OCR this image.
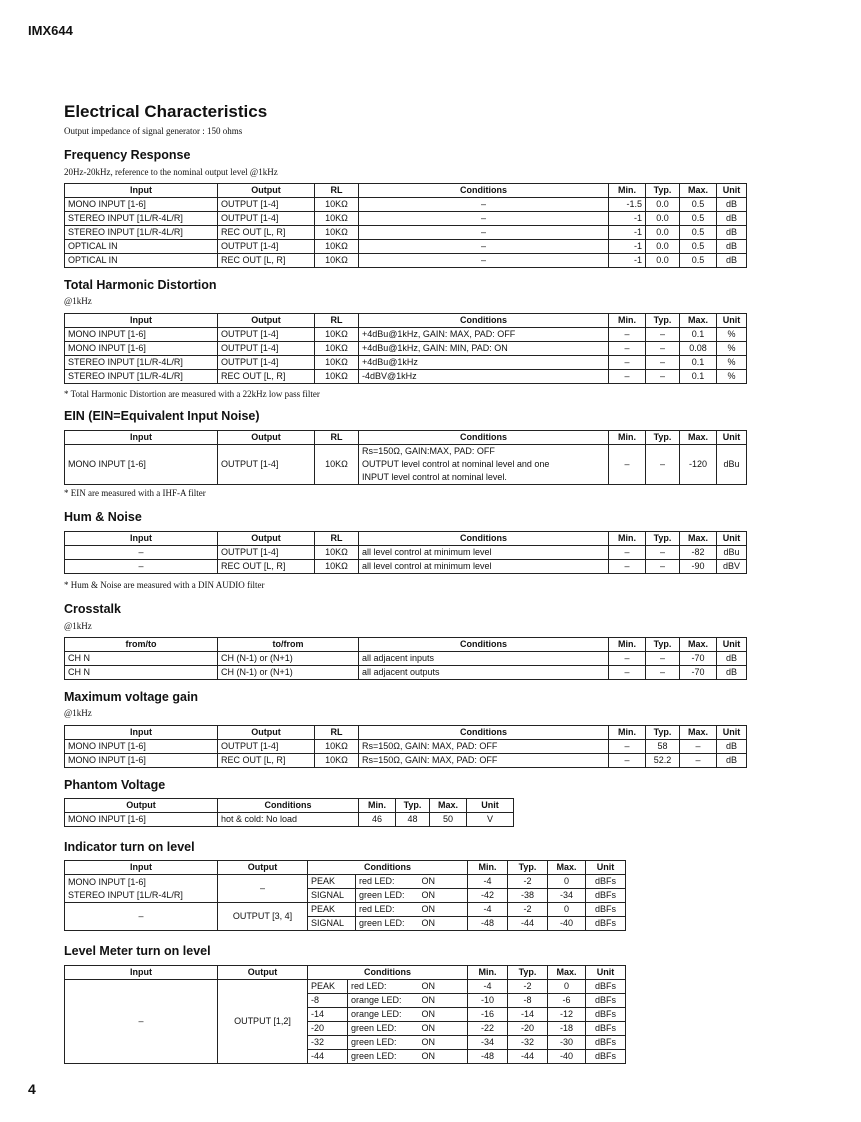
IMX644
Electrical Characteristics
Output impedance of signal generator : 150 ohms
Frequency Response
20Hz-20kHz, reference to the nominal output level @1kHz
Input	Output	RL	Conditions	Min.	Typ.	Max.	Unit
MONO INPUT [1-6]	OUTPUT [1-4]	10KΩ	–	-1.5	0.0	0.5	dB
STEREO INPUT [1L/R-4L/R]	OUTPUT [1-4]	10KΩ	–	-1	0.0	0.5	dB
STEREO INPUT [1L/R-4L/R]	REC OUT [L, R]	10KΩ	–	-1	0.0	0.5	dB
OPTICAL IN	OUTPUT [1-4]	10KΩ	–	-1	0.0	0.5	dB
OPTICAL IN	REC OUT [L, R]	10KΩ	–	-1	0.0	0.5	dB
Total Harmonic Distortion
@1kHz
Input	Output	RL	Conditions	Min.	Typ.	Max.	Unit
MONO INPUT [1-6]	OUTPUT [1-4]	10KΩ	+4dBu@1kHz, GAIN: MAX, PAD: OFF	–	–	0.1	%
MONO INPUT [1-6]	OUTPUT [1-4]	10KΩ	+4dBu@1kHz, GAIN: MIN, PAD: ON	–	–	0.08	%
STEREO INPUT [1L/R-4L/R]	OUTPUT [1-4]	10KΩ	+4dBu@1kHz	–	–	0.1	%
STEREO INPUT [1L/R-4L/R]	REC OUT [L, R]	10KΩ	-4dBV@1kHz	–	–	0.1	%
* Total Harmonic Distortion are measured with a 22kHz low pass filter
EIN (EIN=Equivalent Input Noise)
Input	Output	RL	Conditions	Min.	Typ.	Max.	Unit
MONO INPUT [1-6]	OUTPUT [1-4]	10KΩ	Rs=150Ω, GAIN:MAX, PAD: OFF
OUTPUT level control at nominal level and one
INPUT level control at nominal level.	–	–	-120	dBu
* EIN are measured with a IHF-A filter
Hum & Noise
Input	Output	RL	Conditions	Min.	Typ.	Max.	Unit
–	OUTPUT [1-4]	10KΩ	all level control at minimum level	–	–	-82	dBu
–	REC OUT [L, R]	10KΩ	all level control at minimum level	–	–	-90	dBV
* Hum & Noise are measured with a DIN AUDIO filter
Crosstalk
@1kHz
from/to	to/from	Conditions	Min.	Typ.	Max.	Unit
CH N	CH (N-1) or (N+1)	all adjacent inputs	–	–	-70	dB
CH N	CH (N-1) or (N+1)	all adjacent outputs	–	–	-70	dB
Maximum voltage gain
@1kHz
Input	Output	RL	Conditions	Min.	Typ.	Max.	Unit
MONO INPUT [1-6]	OUTPUT [1-4]	10KΩ	Rs=150Ω, GAIN: MAX, PAD: OFF	–	58	–	dB
MONO INPUT [1-6]	REC OUT [L, R]	10KΩ	Rs=150Ω, GAIN: MAX, PAD: OFF	–	52.2	–	dB
Phantom Voltage
Output	Conditions	Min.	Typ.	Max.	Unit
MONO INPUT [1-6]	hot & cold: No load	46	48	50	V
Indicator turn on level
Input	Output	Conditions			Min.	Typ.	Max.	Unit

MONO INPUT [1-6]
STEREO INPUT [1L/R-4L/R]	–	PEAK	red LED:	ON	-4	-2	0	dBFs
		SIGNAL	green LED:	ON	-42	-38	-34	dBFs
–	OUTPUT [3, 4]	PEAK	red LED:	ON	-4	-2	0	dBFs
		SIGNAL	green LED:	ON	-48	-44	-40	dBFs
Level Meter turn on level
Input	Output	Conditions			Min.	Typ.	Max.	Unit
–	OUTPUT [1,2]	PEAK	red LED:	ON	-4	-2	0	dBFs
		-8	orange LED:	ON	-10	-8	-6	dBFs
		-14	orange LED:	ON	-16	-14	-12	dBFs
		-20	green LED:	ON	-22	-20	-18	dBFs
		-32	green LED:	ON	-34	-32	-30	dBFs
		-44	green LED:	ON	-48	-44	-40	dBFs
4
